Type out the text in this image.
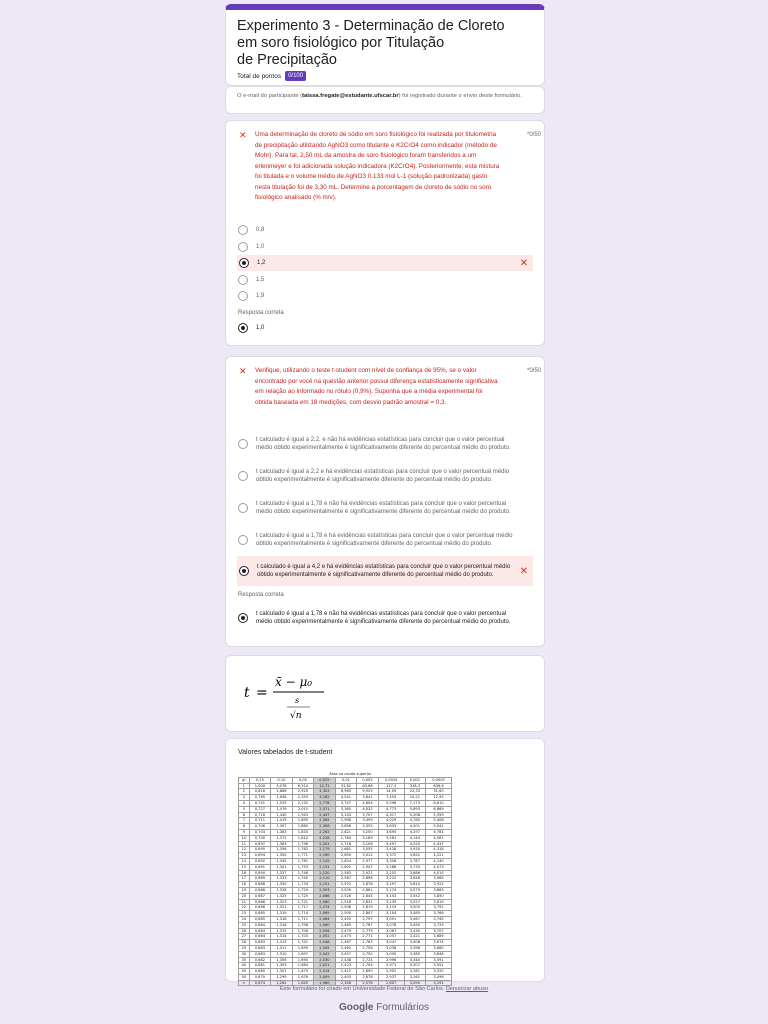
Experimento 3 - Determinação de Cloreto
em soro fisiológico por Titulação
de Precipitação
Total de pontos	0/100
O e-mail do participante (taissa.fregate@estudante.ufscar.br) foi registrado durante o envio deste formulário.
✕ Uma determinação de cloreto de sódio em soro fisiológico foi realizada por titulometria de precipitação utilizando AgNO3 como titulante e K2CrO4 como indicador (método de Mohr). Para tal, 2,50 mL da amostra de soro fisiológico foram transferidos a um erlenmeyer e foi adicionada solução indicadora (K2CrO4). Posteriormente, esta mistura foi titulada e o volume médio de AgNO3 0,133 mol L-1 (solução padronizada) gasto nesta titulação foi de 3,30 mL. Determine a porcentagem de cloreto de sódio no soro fisiológico analisado (% m/v).
*0/50
0,8
1,0
1,2	✕
1,5
1,9
Resposta correta
1,0
✕ Verifique, utilizando o teste t-student com nível de confiança de 95%, se o valor encontrado por você na questão anterior possui diferença estatisticamente significativa em relação ao informado no rótulo (0,9%). Suponha que a média experimental foi obtida baseada em 18 medições, com desvio padrão amostral = 0,3.
*0/50
t calculado é igual a 2,2, e não há evidências estatísticas para concluir que o valor percentual médio obtido experimentalmente é significativamente diferente do percentual médio do produto.
t calculado é igual a 2,2 e há evidências estatísticas para concluir que o valor percentual médio obtido experimentalmente é significativamente diferente do percentual médio do produto.
t calculado é igual a 1,78 e não há evidências estatísticas para concluir que o valor percentual médio obtido experimentalmente é significativamente diferente do percentual médio do produto.
t calculado é igual a 1,78 e há evidências estatísticas para concluir que o valor percentual médio obtido experimentalmente é significativamente diferente do percentual médio do produto.
t calculado é igual a 4,2 e há evidências estatísticas para concluir que o valor percentual médio obtido experimentalmente é significativamente diferente do percentual médio do produto.	✕
Resposta correta
t calculado é igual a 1,78 e não há evidências estatísticas para concluir que o valor percentual médio obtido experimentalmente é significativamente diferente do percentual médio do produto.
t =
x̄ − μ₀
s
√n
Valores tabelados de t-student
	Área na cauda superior								
gl	0,25	0,10	0,05	0,025	0,01	0,005	0,0025	0,001	0,0005
1	1,000	3,078	6,314	12,71	31,82	63,66	127,3	318,3	636,6
2	0,816	1,886	2,920	4,303	6,965	9,925	14,09	22,33	31,60
3	0,765	1,638	2,353	3,182	4,541	5,841	7,453	10,21	12,92
4	0,741	1,533	2,132	2,776	3,747	4,604	5,598	7,173	8,610
5	0,727	1,476	2,015	2,571	3,365	4,032	4,773	5,893	6,869
6	0,718	1,440	1,943	2,447	3,143	3,707	4,317	5,208	5,959
7	0,711	1,415	1,895	2,365	2,998	3,499	4,029	4,785	5,408
8	0,706	1,397	1,860	2,306	2,896	3,355	3,833	4,501	5,041
9	0,703	1,383	1,833	2,262	2,821	3,250	3,690	4,297	4,781
10	0,700	1,372	1,812	2,228	2,764	3,169	3,581	4,144	4,587
11	0,697	1,363	1,796	2,201	2,718	3,106	3,497	4,025	4,437
12	0,695	1,356	1,782	2,179	2,681	3,055	3,428	3,930	4,318
13	0,694	1,350	1,771	2,160	2,650	3,012	3,372	3,852	4,221
14	0,692	1,345	1,761	2,145	2,624	2,977	3,326	3,787	4,140
15	0,691	1,341	1,753	2,131	2,602	2,947	3,286	3,733	4,073
16	0,690	1,337	1,746	2,120	2,583	2,921	3,252	3,686	4,015
17	0,689	1,333	1,740	2,110	2,567	2,898	3,222	3,646	3,965
18	0,688	1,330	1,734	2,101	2,552	2,878	3,197	3,610	3,922
19	0,688	1,328	1,729	2,093	2,539	2,861	3,174	3,579	3,883
20	0,687	1,325	1,725	2,086	2,528	2,845	3,153	3,552	3,850
21	0,686	1,323	1,721	2,080	2,518	2,831	3,135	3,527	3,819
22	0,686	1,321	1,717	2,074	2,508	2,819	3,119	3,505	3,792
23	0,685	1,319	1,714	2,069	2,500	2,807	3,104	3,485	3,768
24	0,685	1,318	1,711	2,064	2,492	2,797	3,091	3,467	3,745
25	0,684	1,316	1,708	2,060	2,485	2,787	3,078	3,450	3,725
26	0,684	1,315	1,706	2,056	2,479	2,779	3,067	3,435	3,707
27	0,684	1,314	1,703	2,052	2,473	2,771	3,057	3,421	3,689
28	0,683	1,313	1,701	2,048	2,467	2,763	3,047	3,408	3,674
29	0,683	1,311	1,699	2,045	2,462	2,756	3,038	3,396	3,660
30	0,683	1,310	1,697	2,042	2,457	2,750	3,030	3,385	3,646
35	0,682	1,306	1,690	2,030	2,438	2,724	2,996	3,340	3,591
40	0,681	1,303	1,684	2,021	2,423	2,704	2,971	3,307	3,551
45	0,680	1,301	1,679	2,014	2,412	2,690	2,952	3,281	3,520
50	0,679	1,299	1,676	2,009	2,403	2,678	2,937	3,261	3,496
∞	0,674	1,282	1,645	1,960	2,326	2,576	2,807	3,090	3,291
Este formulário foi criado em Universidade Federal de São Carlos. Denunciar abuso
Google Formulários
